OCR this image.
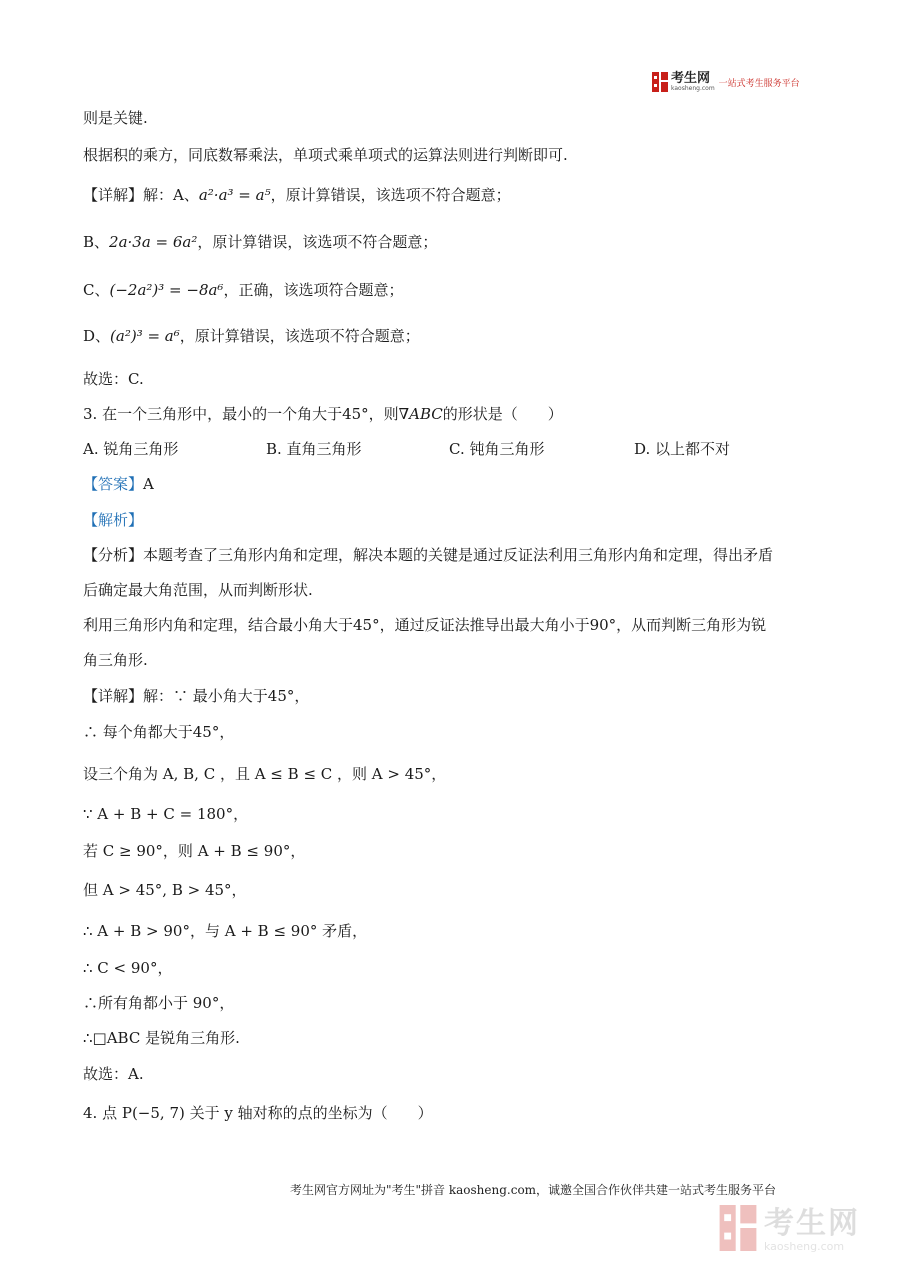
考生网
kaosheng.com 一站式考生服务平台
则是关键.
根据积的乘方，同底数幂乘法，单项式乘单项式的运算法则进行判断即可.
【详解】解：A、a²·a³ = a⁵，原计算错误，该选项不符合题意；
B、2a·3a = 6a²，原计算错误，该选项不符合题意；
C、(−2a²)³ = −8a⁶，正确，该选项符合题意；
D、(a²)³ = a⁶，原计算错误，该选项不符合题意；
故选：C.
3. 在一个三角形中，最小的一个角大于45°，则∇ABC的形状是（　　）
A. 锐角三角形	B. 直角三角形	C. 钝角三角形	D. 以上都不对
【答案】A
【解析】
【分析】本题考查了三角形内角和定理，解决本题的关键是通过反证法利用三角形内角和定理，得出矛盾
后确定最大角范围，从而判断形状.
利用三角形内角和定理，结合最小角大于45°，通过反证法推导出最大角小于90°，从而判断三角形为锐
角三角形.
【详解】解：∵ 最小角大于45°，
∴ 每个角都大于45°，
设三个角为 A, B, C ，且 A ≤ B ≤ C ，则 A > 45°，
∵ A + B + C = 180°，
若 C ≥ 90°，则 A + B ≤ 90°，
但 A > 45°, B > 45°，
∴ A + B > 90°，与 A + B ≤ 90° 矛盾，
∴ C < 90°，
∴所有角都小于 90°，
∴□ABC 是锐角三角形.
故选：A.
4. 点 P(−5, 7) 关于 y 轴对称的点的坐标为（　　）
考生网官方网址为"考生"拼音 kaosheng.com，诚邀全国合作伙伴共建一站式考生服务平台
考生网
kaosheng.com
